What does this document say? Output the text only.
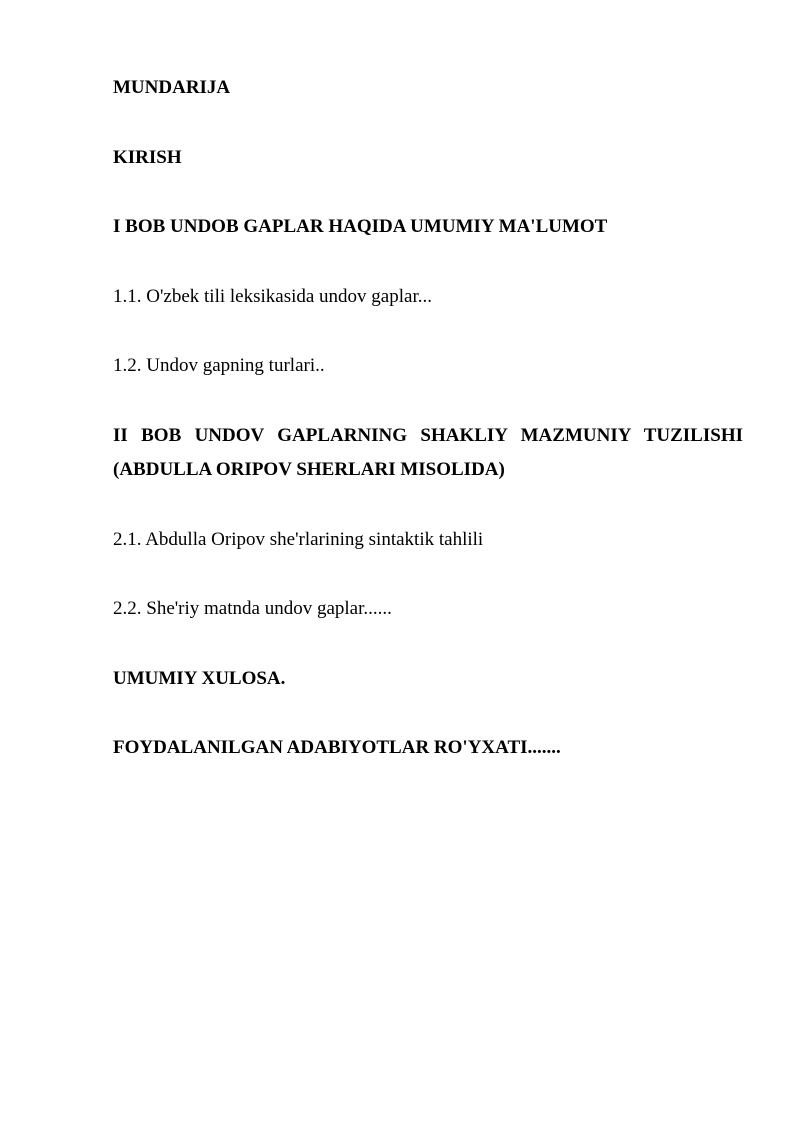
MUNDARIJA

KIRISH

I BOB UNDOB GAPLAR HAQIDA UMUMIY MA'LUMOT

1.1. O'zbek tili leksikasida undov gaplar...

1.2. Undov gapning turlari..

II BOB UNDOV GAPLARNING SHAKLIY MAZMUNIY TUZILISHI
(ABDULLA ORIPOV SHERLARI MISOLIDA)

2.1. Abdulla Oripov she'rlarining sintaktik tahlili

2.2. She'riy matnda undov gaplar......

UMUMIY XULOSA.

FOYDALANILGAN ADABIYOTLAR RO'YXATI.......
